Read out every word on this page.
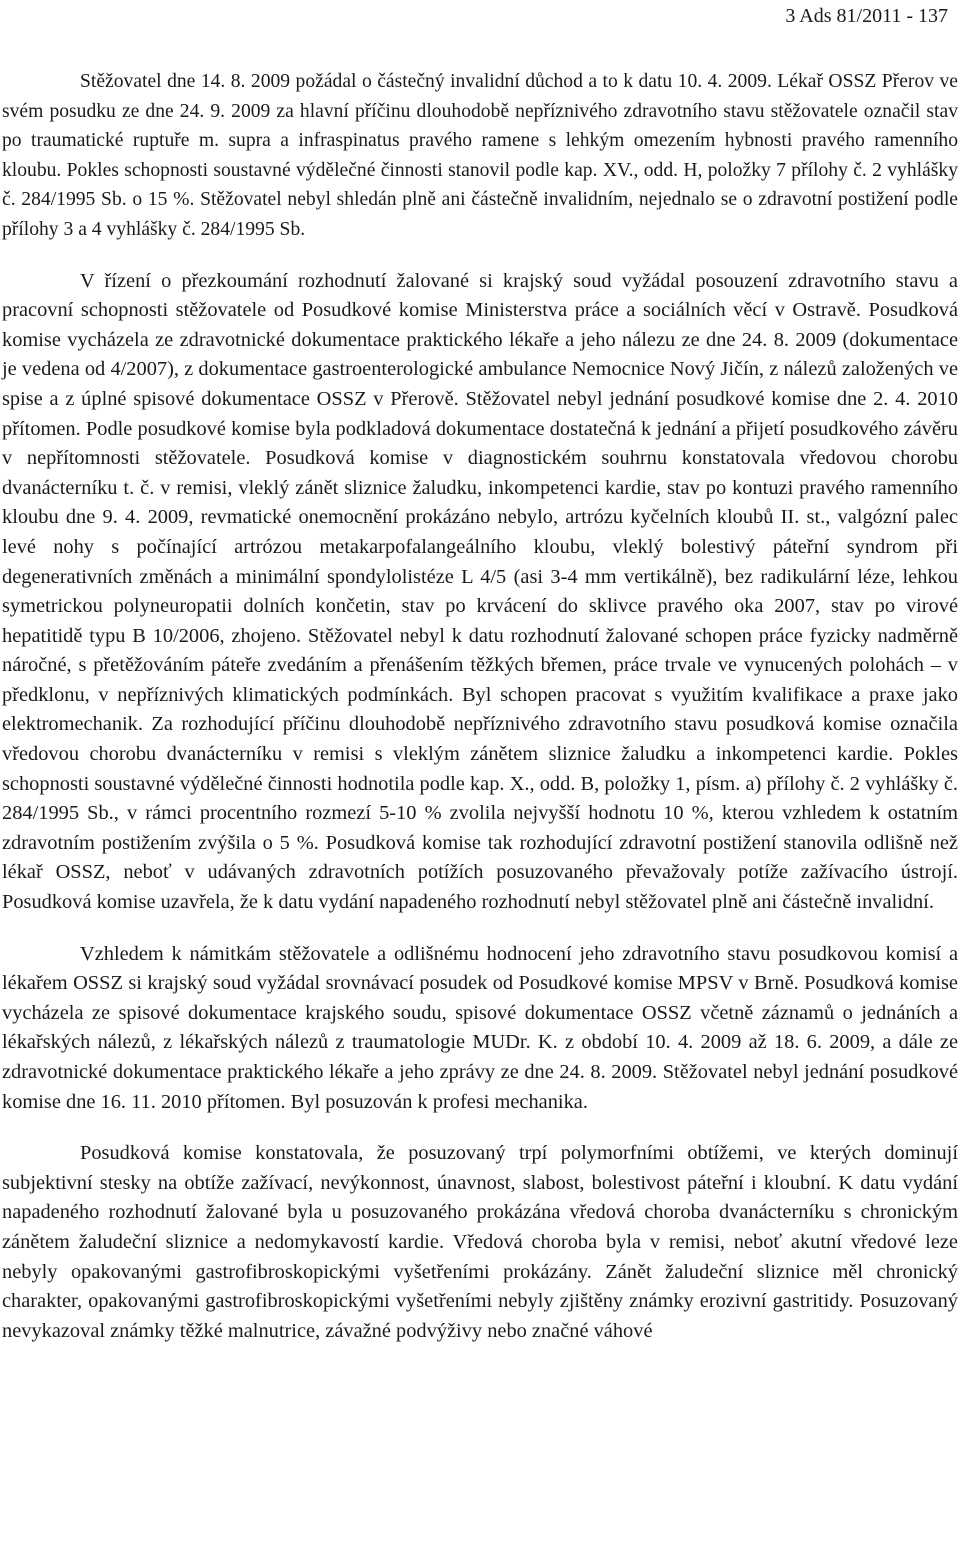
3 Ads 81/2011 - 137

Stěžovatel dne 14. 8. 2009 požádal o částečný invalidní důchod a to k datu 10. 4. 2009. Lékař OSSZ Přerov ve svém posudku ze dne 24. 9. 2009 za hlavní příčinu dlouhodobě nepříznivého zdravotního stavu stěžovatele označil stav po traumatické ruptuře m. supra a infraspinatus pravého ramene s lehkým omezením hybnosti pravého ramenního kloubu. Pokles schopnosti soustavné výdělečné činnosti stanovil podle kap. XV., odd. H, položky 7 přílohy č. 2 vyhlášky č. 284/1995 Sb. o 15 %. Stěžovatel nebyl shledán plně ani částečně invalidním, nejednalo se o zdravotní postižení podle přílohy 3 a 4 vyhlášky č. 284/1995 Sb.

V řízení o přezkoumání rozhodnutí žalované si krajský soud vyžádal posouzení zdravotního stavu a pracovní schopnosti stěžovatele od Posudkové komise Ministerstva práce a sociálních věcí v Ostravě. Posudková komise vycházela ze zdravotnické dokumentace praktického lékaře a jeho nálezu ze dne 24. 8. 2009 (dokumentace je vedena od 4/2007), z dokumentace gastroenterologické ambulance Nemocnice Nový Jičín, z nálezů založených ve spise a z úplné spisové dokumentace OSSZ v Přerově. Stěžovatel nebyl jednání posudkové komise dne 2. 4. 2010 přítomen. Podle posudkové komise byla podkladová dokumentace dostatečná k jednání a přijetí posudkového závěru v nepřítomnosti stěžovatele. Posudková komise v diagnostickém souhrnu konstatovala vředovou chorobu dvanácterníku t. č. v remisi, vleklý zánět sliznice žaludku, inkompetenci kardie, stav po kontuzi pravého ramenního kloubu dne 9. 4. 2009, revmatické onemocnění prokázáno nebylo, artrózu kyčelních kloubů II. st., valgózní palec levé nohy s počínající artrózou metakarpofalangeálního kloubu, vleklý bolestivý páteřní syndrom při degenerativních změnách a minimální spondylolistéze L 4/5 (asi 3-4 mm vertikálně), bez radikulární léze, lehkou symetrickou polyneuropatii dolních končetin, stav po krvácení do sklivce pravého oka 2007, stav po virové hepatitidě typu B 10/2006, zhojeno. Stěžovatel nebyl k datu rozhodnutí žalované schopen práce fyzicky nadměrně náročné, s přetěžováním páteře zvedáním a přenášením těžkých břemen, práce trvale ve vynucených polohách – v předklonu, v nepříznivých klimatických podmínkách. Byl schopen pracovat s využitím kvalifikace a praxe jako elektromechanik. Za rozhodující příčinu dlouhodobě nepříznivého zdravotního stavu posudková komise označila vředovou chorobu dvanácterníku v remisi s vleklým zánětem sliznice žaludku a inkompetenci kardie. Pokles schopnosti soustavné výdělečné činnosti hodnotila podle kap. X., odd. B, položky 1, písm. a) přílohy č. 2 vyhlášky č. 284/1995 Sb., v rámci procentního rozmezí 5-10 % zvolila nejvyšší hodnotu 10 %, kterou vzhledem k ostatním zdravotním postižením zvýšila o 5 %. Posudková komise tak rozhodující zdravotní postižení stanovila odlišně než lékař OSSZ, neboť v udávaných zdravotních potížích posuzovaného převažovaly potíže zažívacího ústrojí. Posudková komise uzavřela, že k datu vydání napadeného rozhodnutí nebyl stěžovatel plně ani částečně invalidní.

Vzhledem k námitkám stěžovatele a odlišnému hodnocení jeho zdravotního stavu posudkovou komisí a lékařem OSSZ si krajský soud vyžádal srovnávací posudek od Posudkové komise MPSV v Brně. Posudková komise vycházela ze spisové dokumentace krajského soudu, spisové dokumentace OSSZ včetně záznamů o jednáních a lékařských nálezů, z lékařských nálezů z traumatologie MUDr. K. z období 10. 4. 2009 až 18. 6. 2009, a dále ze zdravotnické dokumentace praktického lékaře a jeho zprávy ze dne 24. 8. 2009. Stěžovatel nebyl jednání posudkové komise dne 16. 11. 2010 přítomen. Byl posuzován k profesi mechanika.

Posudková komise konstatovala, že posuzovaný trpí polymorfními obtížemi, ve kterých dominují subjektivní stesky na obtíže zažívací, nevýkonnost, únavnost, slabost, bolestivost páteřní i kloubní. K datu vydání napadeného rozhodnutí žalované byla u posuzovaného prokázána vředová choroba dvanácterníku s chronickým zánětem žaludeční sliznice a nedomykavostí kardie. Vředová choroba byla v remisi, neboť akutní vředové leze nebyly opakovanými gastrofibroskopickými vyšetřeními prokázány. Zánět žaludeční sliznice měl chronický charakter, opakovanými gastrofibroskopickými vyšetřeními nebyly zjištěny známky erozivní gastritidy. Posuzovaný nevykazoval známky těžké malnutrice, závažné podvýživy nebo značné váhové
